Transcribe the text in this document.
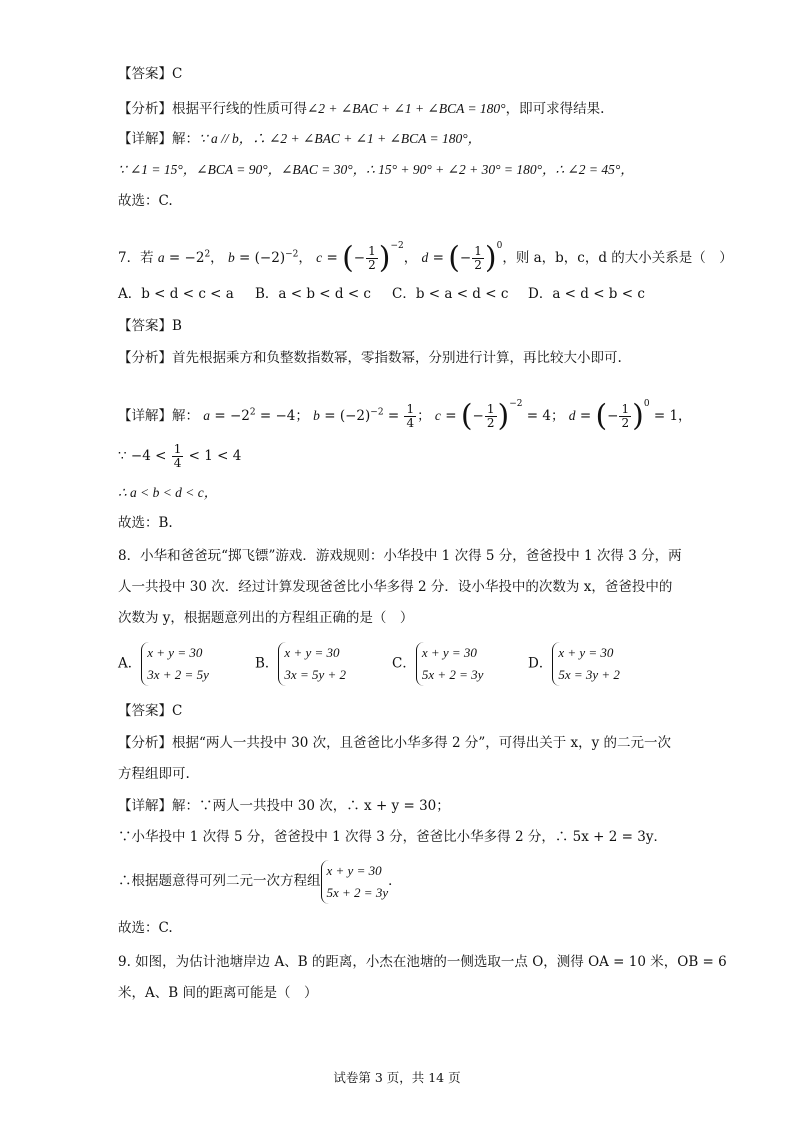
【答案】C
【分析】根据平行线的性质可得∠2 + ∠BAC + ∠1 + ∠BCA = 180°，即可求得结果.
【详解】解：∵ a // b，∴ ∠2 + ∠BAC + ∠1 + ∠BCA = 180°，
∵ ∠1 = 15°，∠BCA = 90°，∠BAC = 30°，∴ 15° + 90° + ∠2 + 30° = 180°，∴ ∠2 = 45°，
故选：C.
7．若 $a = -2^2$， $b = (-2)^{-2}$， c = (− $\frac{1}{2} )^{-2}$， d = (− $\frac{1}{2} )^0$，则 a，b，c，d 的大小关系是（　）
A．b < d < c < a B．a < b < d < c C．b < a < d < c D．a < d < b < c
【答案】B
【分析】首先根据乘方和负整数指数幂，零指数幂，分别进行计算，再比较大小即可.
【详解】解： $a = -2^2 = -4$； $b = (-2)^{-2} = \frac{1}{4}$ ； c = (− $\frac{1}{2} )^{-2} = 4$； d = (− $\frac{1}{2} )^0 = 1$，
∵ $-4 < \frac{1}{4} < 1 < 4$
∴ a < b < d < c，
故选：B.
8．小华和爸爸玩“掷飞镖”游戏．游戏规则：小华投中 1 次得 5 分，爸爸投中 1 次得 3 分，两
人一共投中 30 次．经过计算发现爸爸比小华多得 2 分．设小华投中的次数为 x，爸爸投中的
次数为 y，根据题意列出的方程组正确的是（　）
A．
x + y = 30
3x + 2 = 5y
B．
x + y = 30
3x = 5y + 2
C．
x + y = 30
5x + 2 = 3y
D．
x + y = 30
5x = 3y + 2
【答案】C
【分析】根据“两人一共投中 30 次，且爸爸比小华多得 2 分”，可得出关于 x，y 的二元一次
方程组即可.
【详解】解：∵两人一共投中 30 次，∴ x + y = 30；
∵小华投中 1 次得 5 分，爸爸投中 1 次得 3 分，爸爸比小华多得 2 分，∴ 5x + 2 = 3y．
∴根据题意得可列二元一次方程组
x + y = 30
5x + 2 = 3y
．
故选：C.
9. 如图，为估计池塘岸边 A、B 的距离，小杰在池塘的一侧选取一点 O，测得 OA = 10 米，OB = 6
米，A、B 间的距离可能是（　）
试卷第 3 页，共 14 页
